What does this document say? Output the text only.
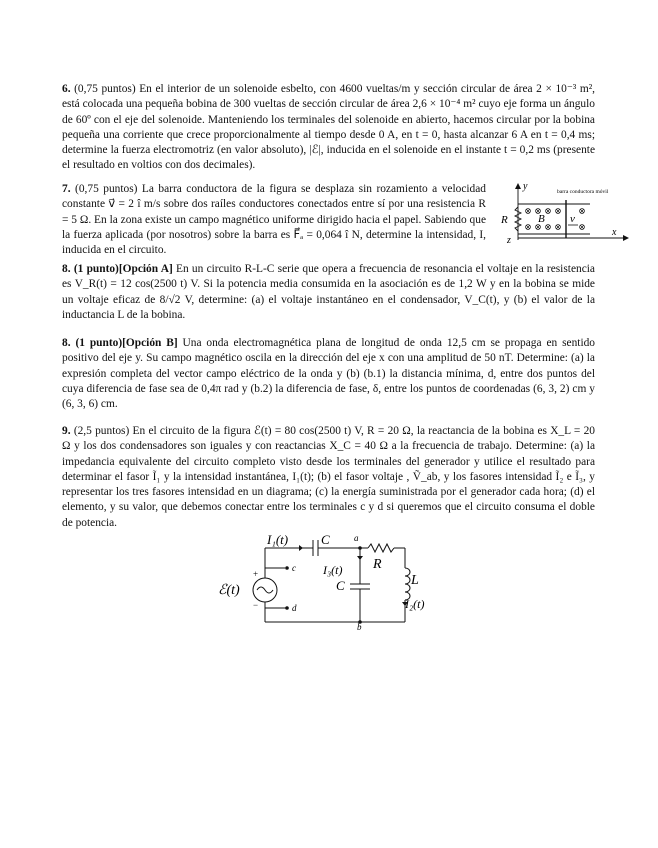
6. (0,75 puntos) En el interior de un solenoide esbelto, con 4600 vueltas/m y sección circular de área 2 × 10⁻³ m², está colocada una pequeña bobina de 300 vueltas de sección circular de área 2,6 × 10⁻⁴ m² cuyo eje forma un ángulo de 60º con el eje del solenoide. Manteniendo los terminales del solenoide en abierto, hacemos circular por la bobina pequeña una corriente que crece proporcionalmente al tiempo desde 0 A, en t = 0, hasta alcanzar 6 A en t = 0,4 ms; determine la fuerza electromotriz (en valor absoluto), |ℰ|, inducida en el solenoide en el instante t = 0,2 ms (presente el resultado en voltios con dos decimales).
7. (0,75 puntos) La barra conductora de la figura se desplaza sin rozamiento a velocidad constante v⃗ = 2 î m/s sobre dos raíles conductores conectados entre sí por una resistencia R = 5 Ω. En la zona existe un campo magnético uniforme dirigido hacia el papel. Sabiendo que la fuerza aplicada (por nosotros) sobre la barra es F⃗ₐ = 0,064 î N, determine la intensidad, I, inducida en el circuito.
y
x
z
barra conductora móvil
R	B⃗ v⃗
8. (1 punto)[Opción A] En un circuito R-L-C serie que opera a frecuencia de resonancia el voltaje en la resistencia es V_R(t) = 12 cos(2500 t) V. Si la potencia media consumida en la asociación es de 1,2 W y en la bobina se mide un voltaje eficaz de 8/√2 V, determine: (a) el voltaje instantáneo en el condensador, V_C(t), y (b) el valor de la inductancia L de la bobina.
8. (1 punto)[Opción B] Una onda electromagnética plana de longitud de onda 12,5 cm se propaga en sentido positivo del eje y. Su campo magnético oscila en la dirección del eje x con una amplitud de 50 nT. Determine: (a) la expresión completa del vector campo eléctrico de la onda y (b) (b.1) la distancia mínima, d, entre dos puntos del cuya diferencia de fase sea de 0,4π rad y (b.2) la diferencia de fase, δ, entre los puntos de coordenadas (6, 3, 2) cm y (6, 3, 6) cm.
9. (2,5 puntos) En el circuito de la figura ℰ(t) = 80 cos(2500 t) V, R = 20 Ω, la reactancia de la bobina es X_L = 20 Ω y los dos condensadores son iguales y con reactancias X_C = 40 Ω a la frecuencia de trabajo. Determine: (a) la impedancia equivalente del circuito completo visto desde los terminales del generador y utilice el resultado para determinar el fasor Ĩ₁ y la intensidad instantánea, I₁(t); (b) el fasor voltaje , Ṽ_ab, y los fasores intensidad Ĩ₂ e Ĩ₃, y representar los tres fasores intensidad en un diagrama; (c) la energía suministrada por el generador cada hora; (d) el elemento, y su valor, que debemos conectar entre los terminales c y d si queremos que el circuito consuma el doble de potencia.
I₁(t)	C	a
R
I₃(t)
C	L
I₂(t)
ℰ(t)
c
d
b
+
−
